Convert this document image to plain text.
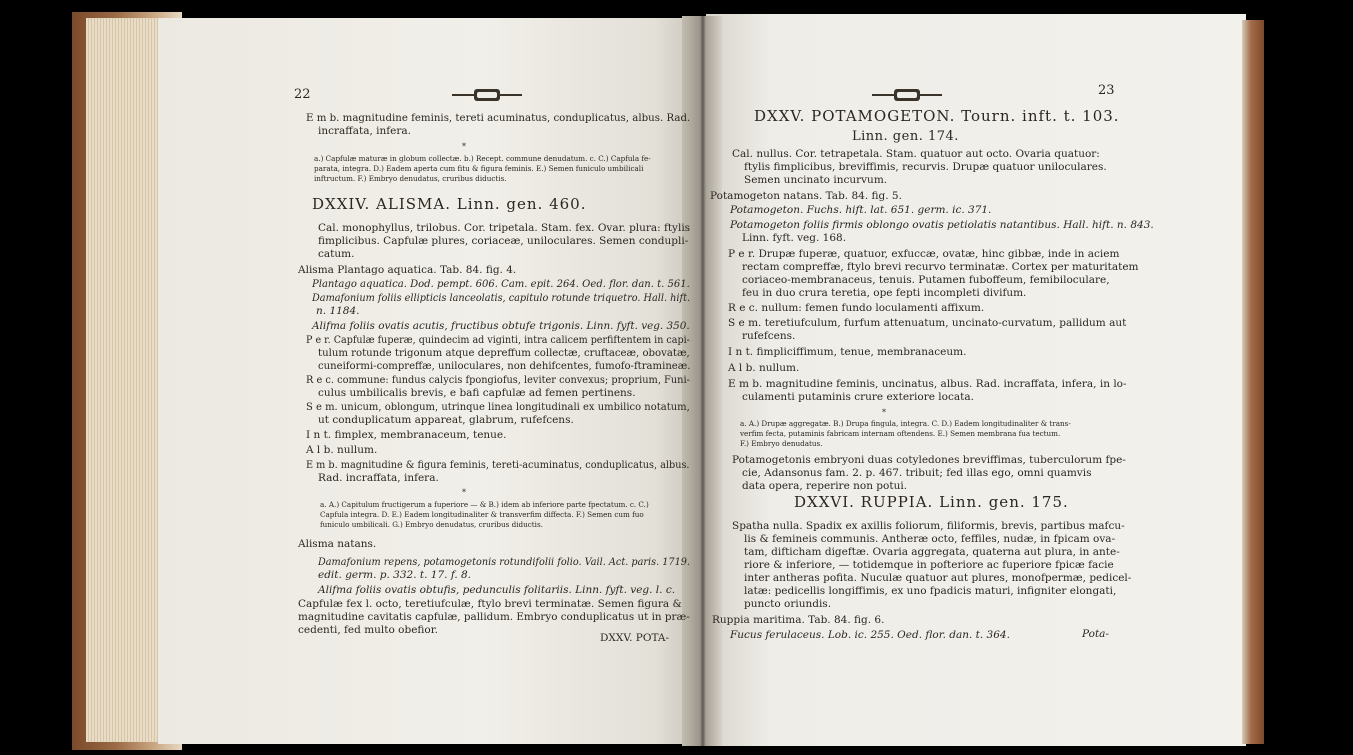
22
E m b. magnitudine feminis, tereti acuminatus, conduplicatus, albus. Rad.
incraffata, infera.
*
a.) Capfulæ maturæ in globum collectæ. b.) Recept. commune denudatum. c. C.) Capfula fe-
parata, integra. D.) Eadem aperta cum fitu & figura feminis. E.) Semen funiculo umbilicali
inftructum. F.) Embryo denudatus, cruribus diductis.
DXXIV. ALISMA. Linn. gen. 460.
Cal. monophyllus, trilobus. Cor. tripetala. Stam. fex. Ovar. plura: ftylis
fimplicibus. Capfulæ plures, coriaceæ, uniloculares. Semen condupli-
catum.
Alisma Plantago aquatica. Tab. 84. fig. 4.
Plantago aquatica. Dod. pempt. 606. Cam. epit. 264. Oed. flor. dan. t. 561.
Damafonium foliis ellipticis lanceolatis, capitulo rotunde triquetro. Hall. hift.
n. 1184.
Alifma foliis ovatis acutis, fructibus obtufe trigonis. Linn. fyft. veg. 350.
P e r. Capfulæ fuperæ, quindecim ad viginti, intra calicem perfiftentem in capi-
tulum rotunde trigonum atque depreffum collectæ, cruftaceæ, obovatæ,
cuneiformi-compreffæ, uniloculares, non dehifcentes, fumofo-ftramineæ.
R e c. commune: fundus calycis fpongiofus, leviter convexus; proprium, Funi-
culus umbilicalis brevis, e bafi capfulæ ad femen pertinens.
S e m. unicum, oblongum, utrinque linea longitudinali ex umbilico notatum,
ut conduplicatum appareat, glabrum, rufefcens.
I n t. fimplex, membranaceum, tenue.
A l b. nullum.
E m b. magnitudine & figura feminis, tereti-acuminatus, conduplicatus, albus.
Rad. incraffata, infera.
*
a. A.) Capitulum fructigerum a fuperiore — & B.) idem ab inferiore parte fpectatum. c. C.)
Capfula integra. D. E.) Eadem longitudinaliter & transverfim diffecta. F.) Semen cum fuo
funiculo umbilicali. G.) Embryo denudatus, cruribus diductis.
Alisma natans.
Damafonium repens, potamogetonis rotundifolii folio. Vail. Act. paris. 1719.
edit. germ. p. 332. t. 17. f. 8.
Alifma foliis ovatis obtufis, pedunculis folitariis. Linn. fyft. veg. l. c.
Capfulæ fex l. octo, teretiufculæ, ftylo brevi terminatæ. Semen figura &
magnitudine cavitatis capfulæ, pallidum. Embryo conduplicatus ut in præ-
cedenti, fed multo obefior.
DXXV. POTA-
23
DXXV. POTAMOGETON. Tourn. inft. t. 103.
Linn. gen. 174.
Cal. nullus. Cor. tetrapetala. Stam. quatuor aut octo. Ovaria quatuor:
ftylis fimplicibus, breviffimis, recurvis. Drupæ quatuor uniloculares.
Semen uncinato incurvum.
Potamogeton natans. Tab. 84. fig. 5.
Potamogeton. Fuchs. hift. lat. 651. germ. ic. 371.
Potamogeton foliis firmis oblongo ovatis petiolatis natantibus. Hall. hift. n. 843.
Linn. fyft. veg. 168.
P e r. Drupæ fuperæ, quatuor, exfuccæ, ovatæ, hinc gibbæ, inde in aciem
rectam compreffæ, ftylo brevi recurvo terminatæ. Cortex per maturitatem
coriaceo-membranaceus, tenuis. Putamen fuboffeum, femibiloculare,
feu in duo crura teretia, ope fepti incompleti divifum.
R e c. nullum: femen fundo loculamenti affixum.
S e m. teretiufculum, furfum attenuatum, uncinato-curvatum, pallidum aut
rufefcens.
I n t. fimpliciffimum, tenue, membranaceum.
A l b. nullum.
E m b. magnitudine feminis, uncinatus, albus. Rad. incraffata, infera, in lo-
culamenti putaminis crure exteriore locata.
*
a. A.) Drupæ aggregatæ. B.) Drupa fingula, integra. C. D.) Eadem longitudinaliter & trans-
verfim fecta, putaminis fabricam internam oftendens. E.) Semen membrana fua tectum.
F.) Embryo denudatus.
Potamogetonis embryoni duas cotyledones breviffimas, tuberculorum fpe-
cie, Adansonus fam. 2. p. 467. tribuit; fed illas ego, omni quamvis
data opera, reperire non potui.
DXXVI. RUPPIA. Linn. gen. 175.
Spatha nulla. Spadix ex axillis foliorum, filiformis, brevis, partibus mafcu-
lis & femineis communis. Antheræ octo, feffiles, nudæ, in fpicam ova-
tam, difticham digeftæ. Ovaria aggregata, quaterna aut plura, in ante-
riore & inferiore, — totidemque in pofteriore ac fuperiore fpicæ facie
inter antheras pofita. Nuculæ quatuor aut plures, monofpermæ, pedicel-
latæ: pedicellis longiffimis, ex uno fpadicis maturi, infigniter elongati,
puncto oriundis.
Ruppia maritima. Tab. 84. fig. 6.
Fucus ferulaceus. Lob. ic. 255. Oed. flor. dan. t. 364.	Pota-
